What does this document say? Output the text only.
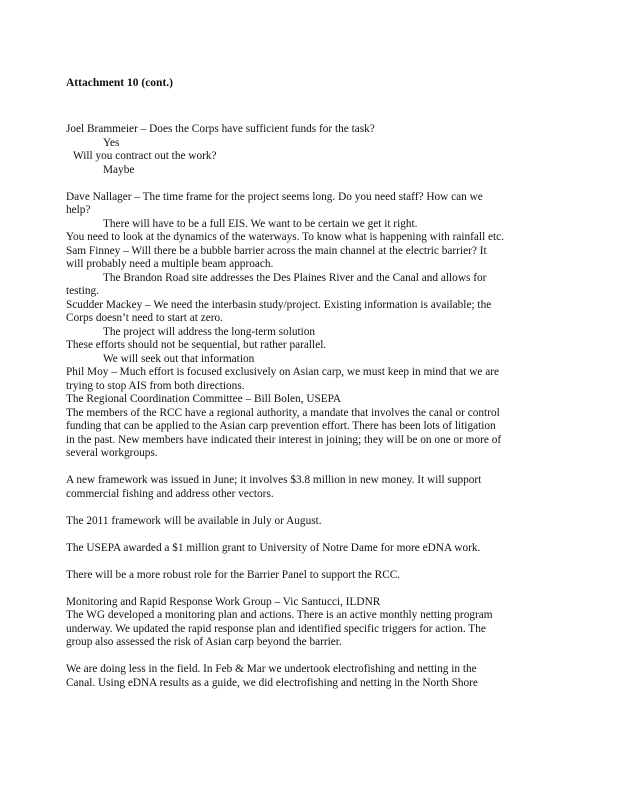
Attachment 10 (cont.)
Joel Brammeier – Does the Corps have sufficient funds for the task?
Yes
Will you contract out the work?
Maybe
Dave Nallager – The time frame for the project seems long. Do you need staff? How can we
help?
There will have to be a full EIS. We want to be certain we get it right.
You need to look at the dynamics of the waterways. To know what is happening with rainfall etc.
Sam Finney – Will there be a bubble barrier across the main channel at the electric barrier? It
will probably need a multiple beam approach.
The Brandon Road site addresses the Des Plaines River and the Canal and allows for
testing.
Scudder Mackey – We need the interbasin study/project. Existing information is available; the
Corps doesn’t need to start at zero.
The project will address the long-term solution
These efforts should not be sequential, but rather parallel.
We will seek out that information
Phil Moy – Much effort is focused exclusively on Asian carp, we must keep in mind that we are
trying to stop AIS from both directions.
The Regional Coordination Committee – Bill Bolen, USEPA
The members of the RCC have a regional authority, a mandate that involves the canal or control
funding that can be applied to the Asian carp prevention effort. There has been lots of litigation
in the past. New members have indicated their interest in joining; they will be on one or more of
several workgroups.
A new framework was issued in June; it involves $3.8 million in new money. It will support
commercial fishing and address other vectors.
The 2011 framework will be available in July or August.
The USEPA awarded a $1 million grant to University of Notre Dame for more eDNA work.
There will be a more robust role for the Barrier Panel to support the RCC.
Monitoring and Rapid Response Work Group – Vic Santucci, ILDNR
The WG developed a monitoring plan and actions. There is an active monthly netting program
underway. We updated the rapid response plan and identified specific triggers for action. The
group also assessed the risk of Asian carp beyond the barrier.
We are doing less in the field. In Feb & Mar we undertook electrofishing and netting in the
Canal. Using eDNA results as a guide, we did electrofishing and netting in the North Shore
